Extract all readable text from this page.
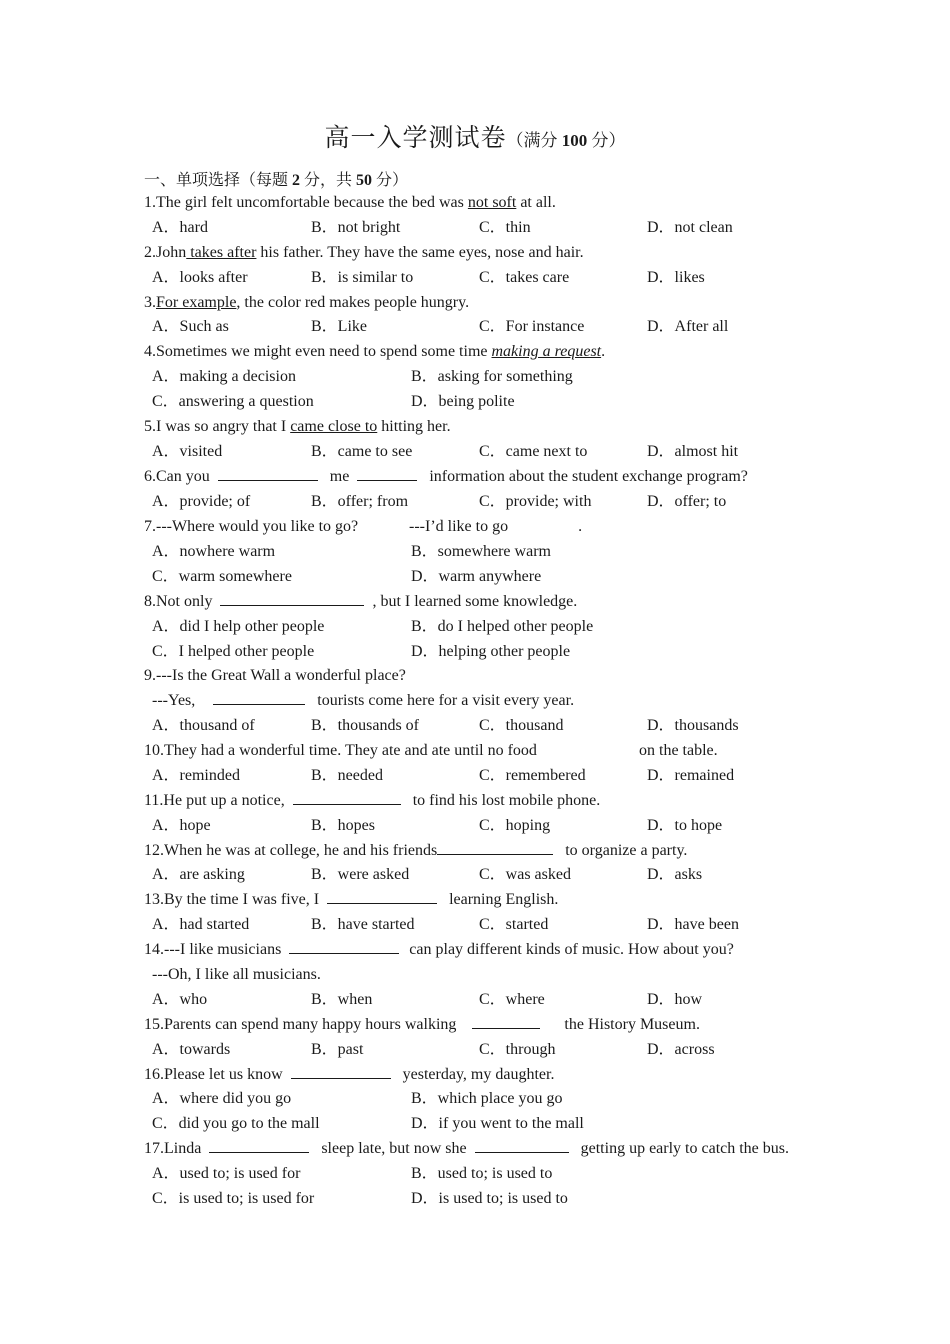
高一入学测试卷（满分 100 分）
一、单项选择（每题 2 分，共 50 分）
1.The girl felt uncomfortable because the bed was not soft at all.
A．hard	B．not bright	C．thin	D．not clean
2.John takes after his father. They have the same eyes, nose and hair.
A．looks after	B．is similar to	C．takes care	D．likes
3.For example, the color red makes people hungry.
A．Such as	B．Like	C．For instance	D．After all
4.Sometimes we might even need to spend some time making a request.
A．making a decision	B．asking for something
C．answering a question	D．being polite
5.I was so angry that I came close to hitting her.
A．visited	B．came to see	C．came next to	D．almost hit
6.Can you	me	information about the student exchange program?
A．provide; of	B．offer; from	C．provide; with	D．offer; to
7.---Where would you like to go?	---I’d like to go	.
A．nowhere warm	B．somewhere warm
C．warm somewhere	D．warm anywhere
8.Not only	, but I learned some knowledge.
A．did I help other people	B．do I helped other people
C．I helped other people	D．helping other people
9.---Is the Great Wall a wonderful place?
---Yes,	tourists come here for a visit every year.
A．thousand of	B．thousands of	C．thousand	D．thousands
10.They had a wonderful time. They ate and ate until no food	on the table.
A．reminded	B．needed	C．remembered	D．remained
11.He put up a notice,	to find his lost mobile phone.
A．hope	B．hopes	C．hoping	D．to hope
12.When he was at college, he and his friends	to organize a party.
A．are asking	B．were asked	C．was asked	D．asks
13.By the time I was five, I	learning English.
A．had started	B．have started	C．started	D．have been
14.---I like musicians	can play different kinds of music. How about you?
---Oh, I like all musicians.
A．who	B．when	C．where	D．how
15.Parents can spend many happy hours walking	the History Museum.
A．towards	B．past	C．through	D．across
16.Please let us know	yesterday, my daughter.
A．where did you go	B．which place you go
C．did you go to the mall	D．if you went to the mall
17.Linda	sleep late, but now she	getting up early to catch the bus.
A．used to; is used for	B．used to; is used to
C．is used to; is used for	D．is used to; is used to
